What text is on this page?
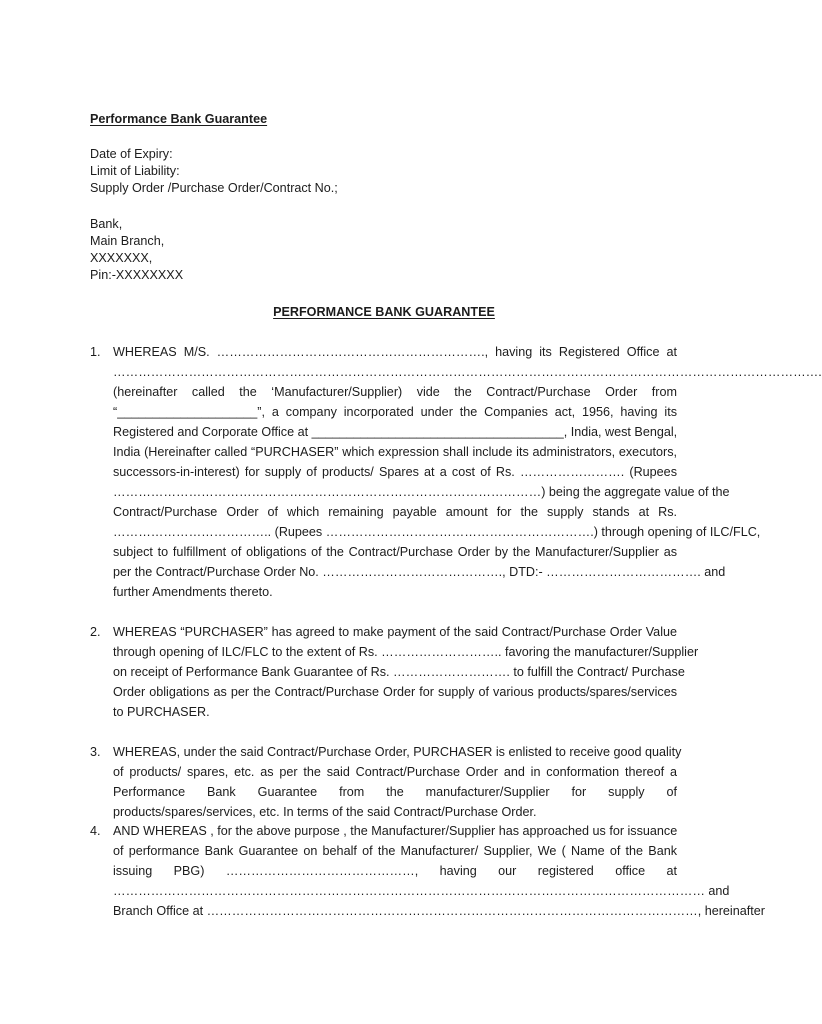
Performance Bank Guarantee
Date of Expiry:
Limit of Liability:
Supply Order /Purchase Order/Contract No.;
Bank,
Main Branch,
XXXXXXX,
Pin:-XXXXXXXX
PERFORMANCE BANK GUARANTEE
1. WHEREAS M/S. ………………………………………………………., having its Registered Office at
…………………………………………………………………………………………………………………………………………………….
(hereinafter called the ‘Manufacturer/Supplier) vide the Contract/Purchase Order from
“____________________”, a company incorporated under the Companies act, 1956, having its
Registered and Corporate Office at ____________________________________, India, west Bengal,
India (Hereinafter called “PURCHASER” which expression shall include its administrators, executors,
successors-in-interest) for supply of products/ Spares at a cost of Rs. ……………………. (Rupees
…………………………………………………………………………………………) being the aggregate value of the
Contract/Purchase Order of which remaining payable amount for the supply stands at Rs.
……………………………….. (Rupees ……………………………………………………….) through opening of ILC/FLC,
subject to fulfillment of obligations of the Contract/Purchase Order by the Manufacturer/Supplier as
per the Contract/Purchase Order No. ……………………………………., DTD:- ………………………………. and
further Amendments thereto.
2. WHEREAS “PURCHASER” has agreed to make payment of the said Contract/Purchase Order Value
through opening of ILC/FLC to the extent of Rs. ……………………….. favoring the manufacturer/Supplier
on receipt of Performance Bank Guarantee of Rs. ………………………. to fulfill the Contract/ Purchase
Order obligations as per the Contract/Purchase Order for supply of various products/spares/services
to PURCHASER.
3. WHEREAS, under the said Contract/Purchase Order, PURCHASER is enlisted to receive good quality
of products/ spares, etc. as per the said Contract/Purchase Order and in conformation thereof a
Performance Bank Guarantee from the manufacturer/Supplier for supply of
products/spares/services, etc. In terms of the said Contract/Purchase Order.
4. AND WHEREAS , for the above purpose , the Manufacturer/Supplier has approached us for issuance
of performance Bank Guarantee on behalf of the Manufacturer/ Supplier, We ( Name of the Bank
issuing PBG) ………………………………………, having our registered office at
…………………………………………………………………………………………………………………………… and
Branch Office at ………………………………………………………………………………………………………, hereinafter
